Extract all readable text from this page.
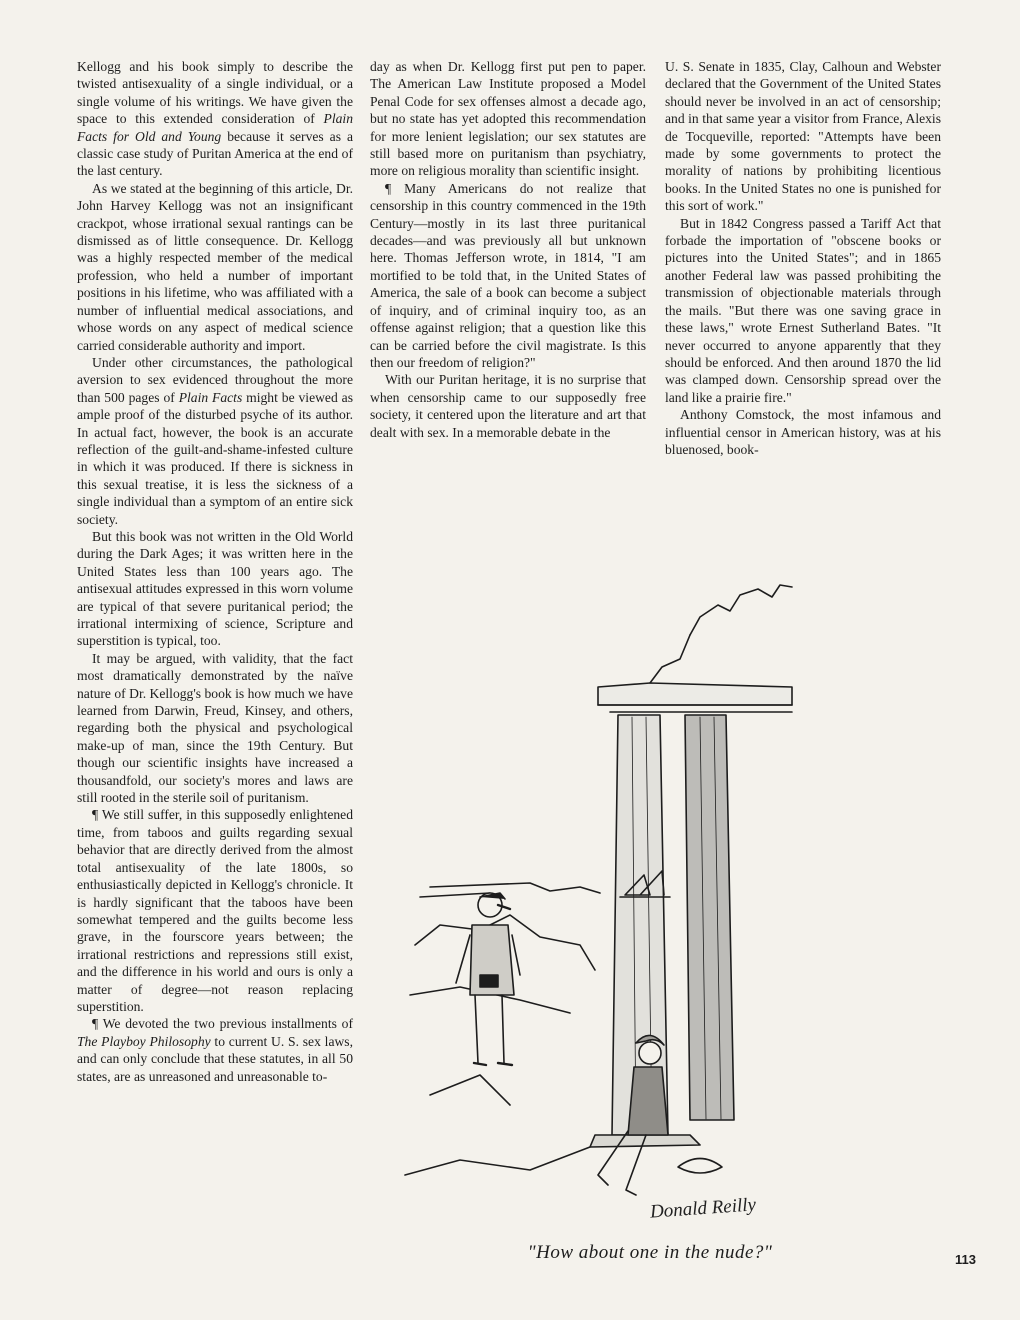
Kellogg and his book simply to describe the twisted antisexuality of a single individual, or a single volume of his writings. We have given the space to this extended consideration of Plain Facts for Old and Young because it serves as a classic case study of Puritan America at the end of the last century.

As we stated at the beginning of this article, Dr. John Harvey Kellogg was not an insignificant crackpot, whose irrational sexual rantings can be dismissed as of little consequence. Dr. Kellogg was a highly respected member of the medical profession, who held a number of important positions in his lifetime, who was affiliated with a number of influential medical associations, and whose words on any aspect of medical science carried considerable authority and import.

Under other circumstances, the pathological aversion to sex evidenced throughout the more than 500 pages of Plain Facts might be viewed as ample proof of the disturbed psyche of its author. In actual fact, however, the book is an accurate reflection of the guilt-and-shame-infested culture in which it was produced. If there is sickness in this sexual treatise, it is less the sickness of a single individual than a symptom of an entire sick society.

But this book was not written in the Old World during the Dark Ages; it was written here in the United States less than 100 years ago. The antisexual attitudes expressed in this worn volume are typical of that severe puritanical period; the irrational intermixing of science, Scripture and superstition is typical, too.

It may be argued, with validity, that the fact most dramatically demonstrated by the naïve nature of Dr. Kellogg's book is how much we have learned from Darwin, Freud, Kinsey, and others, regarding both the physical and psychological make-up of man, since the 19th Century. But though our scientific insights have increased a thousandfold, our society's mores and laws are still rooted in the sterile soil of puritanism.

¶ We still suffer, in this supposedly enlightened time, from taboos and guilts regarding sexual behavior that are directly derived from the almost total antisexuality of the late 1800s, so enthusiastically depicted in Kellogg's chronicle. It is hardly significant that the taboos have been somewhat tempered and the guilts become less grave, in the fourscore years between; the irrational restrictions and repressions still exist, and the difference in his world and ours is only a matter of degree—not reason replacing superstition.

¶ We devoted the two previous installments of The Playboy Philosophy to current U. S. sex laws, and can only conclude that these statutes, in all 50 states, are as unreasoned and unreasonable to-

day as when Dr. Kellogg first put pen to paper. The American Law Institute proposed a Model Penal Code for sex offenses almost a decade ago, but no state has yet adopted this recommendation for more lenient legislation; our sex statutes are still based more on puritanism than psychiatry, more on religious morality than scientific insight.

¶ Many Americans do not realize that censorship in this country commenced in the 19th Century—mostly in its last three puritanical decades—and was previously all but unknown here. Thomas Jefferson wrote, in 1814, "I am mortified to be told that, in the United States of America, the sale of a book can become a subject of inquiry, and of criminal inquiry too, as an offense against religion; that a question like this can be carried before the civil magistrate. Is this then our freedom of religion?"

With our Puritan heritage, it is no surprise that when censorship came to our supposedly free society, it centered upon the literature and art that dealt with sex. In a memorable debate in the

U. S. Senate in 1835, Clay, Calhoun and Webster declared that the Government of the United States should never be involved in an act of censorship; and in that same year a visitor from France, Alexis de Tocqueville, reported: "Attempts have been made by some governments to protect the morality of nations by prohibiting licentious books. In the United States no one is punished for this sort of work."

But in 1842 Congress passed a Tariff Act that forbade the importation of "obscene books or pictures into the United States"; and in 1865 another Federal law was passed prohibiting the transmission of objectionable materials through the mails. "But there was one saving grace in these laws," wrote Ernest Sutherland Bates. "It never occurred to anyone apparently that they should be enforced. And then around 1870 the lid was clamped down. Censorship spread over the land like a prairie fire."

Anthony Comstock, the most infamous and influential censor in American history, was at his bluenosed, book-

Donald Reilly
"How about one in the nude?"	113
